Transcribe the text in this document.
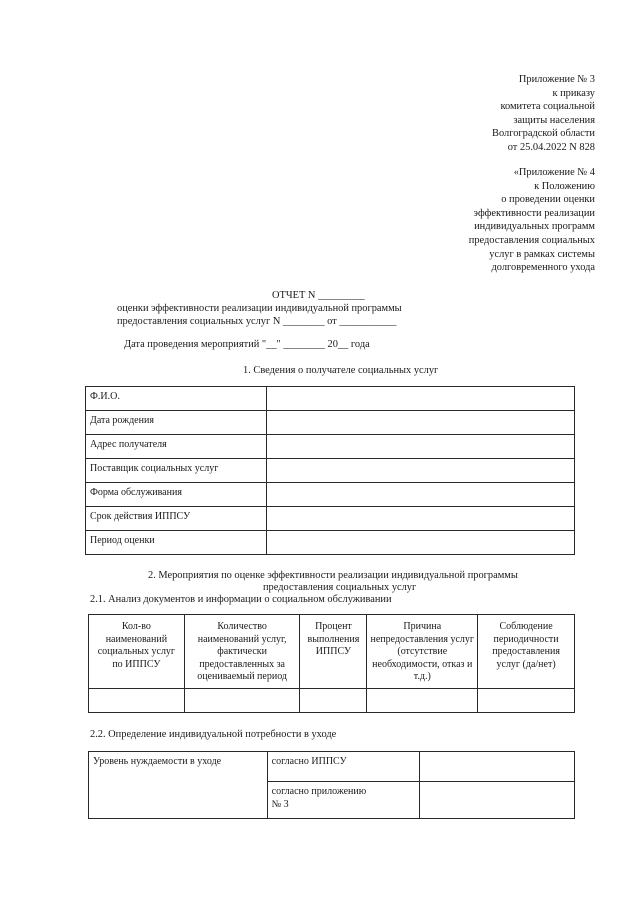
Приложение № 3
к приказу
комитета социальной
защиты населения
Волгоградской области
от 25.04.2022 N 828
«Приложение № 4
к Положению
о проведении оценки
эффективности реализации
индивидуальных программ
предоставления социальных
услуг в рамках системы
долговременного ухода
ОТЧЕТ N _________
оценки эффективности реализации индивидуальной программы
предоставления социальных услуг N ________ от ___________
Дата проведения мероприятий "__" ________ 20__ года
1. Сведения о получателе социальных услуг
Ф.И.О.	
Дата рождения	
Адрес получателя	
Поставщик социальных услуг	
Форма обслуживания	
Срок действия ИППСУ	
Период оценки	
2. Мероприятия по оценке эффективности реализации индивидуальной программы
предоставления социальных услуг
2.1. Анализ документов и информации о социальном обслуживании
Кол-во наименований социальных услуг по ИППСУ	Количество наименований услуг, фактически предоставленных за оцениваемый период	Процент выполнения ИППСУ	Причина непредоставления услуг (отсутствие необходимости, отказ и т.д.)	Соблюдение периодичности предоставления услуг (да/нет)

2.2. Определение индивидуальной потребности в уходе
Уровень нуждаемости в уходе	согласно ИППСУ	
	согласно приложению № 3	
